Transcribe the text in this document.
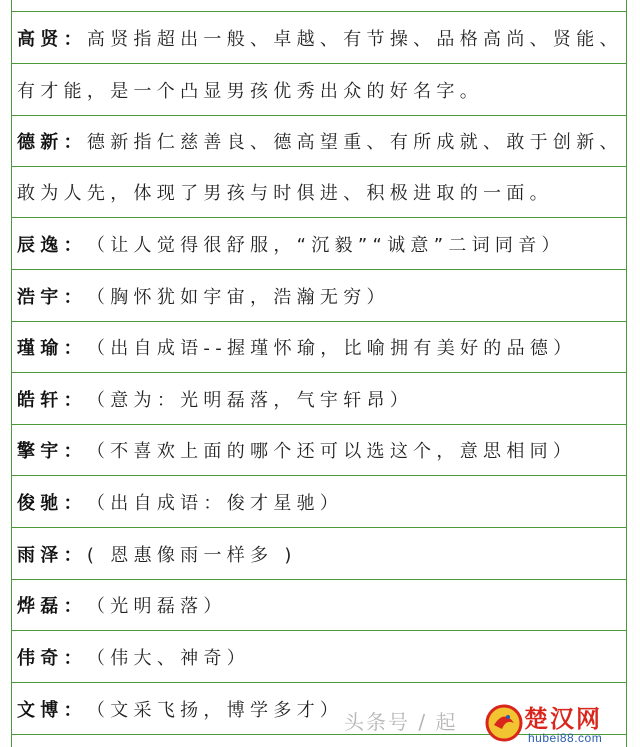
高贤 ： 高贤指超出一般、卓越、有节操、品格高尚、贤能、
有才能，是一个凸显男孩优秀出众的好名字。
德新 ： 德新指仁慈善良、德高望重、有所成就、敢于创新、
敢为人先，体现了男孩与时俱进、积极进取的一面。
辰逸 ： （让人觉得很舒服，“沉毅”“诚意”二词同音）
浩宇 ： （胸怀犹如宇宙，浩瀚无穷）
瑾瑜 ： （出自成语--握瑾怀瑜，比喻拥有美好的品德）
皓轩 ： （意为：光明磊落，气宇轩昂）
擎宇 ： （不喜欢上面的哪个还可以选这个，意思相同）
俊驰 ： （出自成语：俊才星驰）
雨泽 ： ( 恩惠像雨一样多 )
烨磊 ： （光明磊落）
伟奇 ： （伟大、神奇）
文博 ： （文采飞扬，博学多才） 头条号 / 起	楚汉网
hubei88.com
